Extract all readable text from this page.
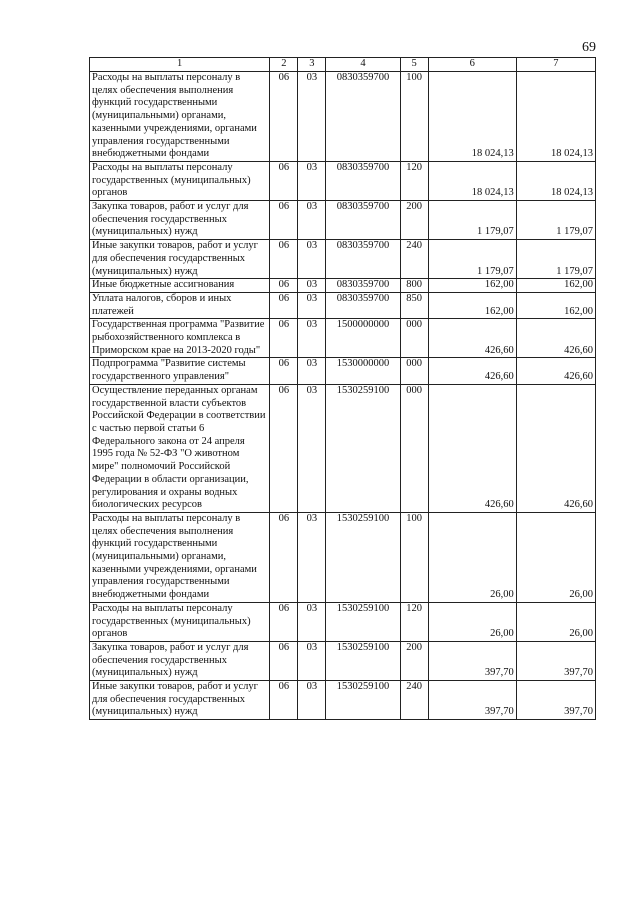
69
1	2	3	4	5	6	7
Расходы на выплаты персоналу в целях обеспечения выполнения функций государственными (муниципальными) органами, казенными учреждениями, органами управления государственными внебюджетными фондами	06	03	0830359700	100	18 024,13	18 024,13
Расходы на выплаты персоналу государственных (муниципальных) органов	06	03	0830359700	120	18 024,13	18 024,13
Закупка товаров, работ и услуг для обеспечения государственных (муниципальных) нужд	06	03	0830359700	200	1 179,07	1 179,07
Иные закупки товаров, работ и услуг для обеспечения государственных (муниципальных) нужд	06	03	0830359700	240	1 179,07	1 179,07
Иные бюджетные ассигнования	06	03	0830359700	800	162,00	162,00
Уплата налогов, сборов и иных платежей	06	03	0830359700	850	162,00	162,00
Государственная программа "Развитие рыбохозяйственного комплекса в Приморском крае на 2013-2020 годы"	06	03	1500000000	000	426,60	426,60
Подпрограмма "Развитие системы государственного управления"	06	03	1530000000	000	426,60	426,60
Осуществление переданных органам государственной власти субъектов Российской Федерации в соответствии с частью первой статьи 6 Федерального закона от 24 апреля 1995 года № 52-ФЗ "О животном мире" полномочий Российской Федерации в области организации, регулирования и охраны водных биологических ресурсов	06	03	1530259100	000	426,60	426,60
Расходы на выплаты персоналу в целях обеспечения выполнения функций государственными (муниципальными) органами, казенными учреждениями, органами управления государственными внебюджетными фондами	06	03	1530259100	100	26,00	26,00
Расходы на выплаты персоналу государственных (муниципальных) органов	06	03	1530259100	120	26,00	26,00
Закупка товаров, работ и услуг для обеспечения государственных (муниципальных) нужд	06	03	1530259100	200	397,70	397,70
Иные закупки товаров, работ и услуг для обеспечения государственных (муниципальных) нужд	06	03	1530259100	240	397,70	397,70
